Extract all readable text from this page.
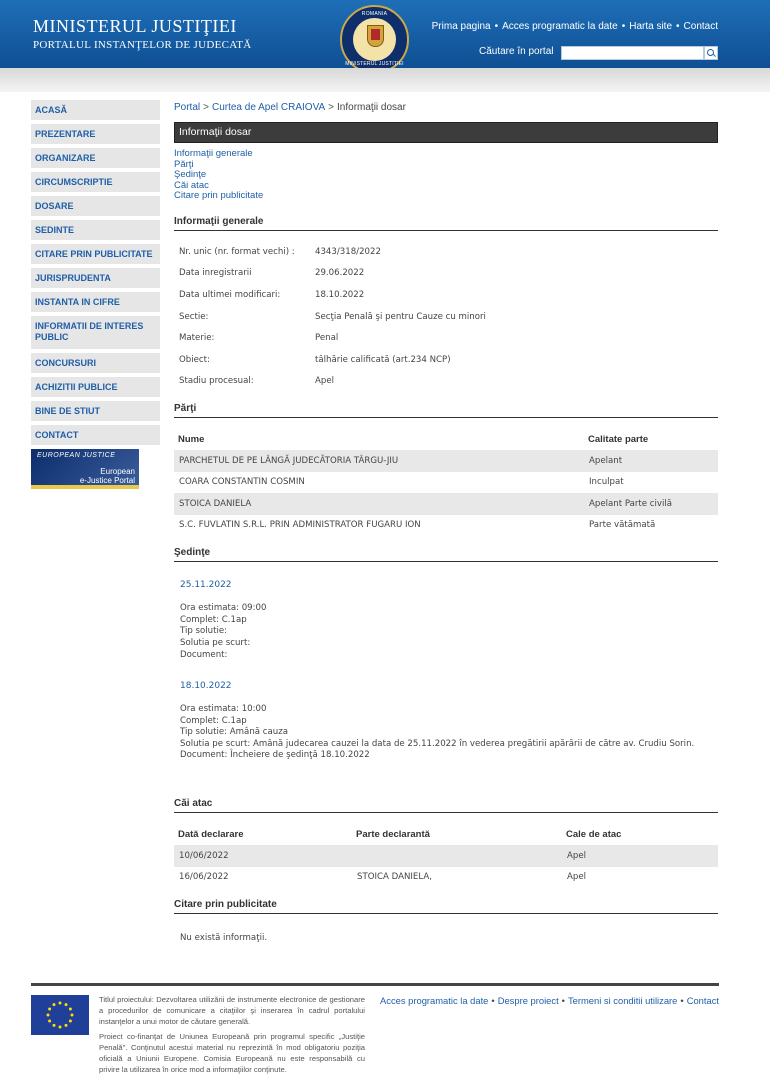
MINISTERUL JUSTIŢIEI
PORTALUL INSTANŢELOR DE JUDECATĂ
ROMANIA
MINISTERUL JUSTIŢIEI
Prima pagina • Acces programatic la date • Harta site • Contact
Căutare în portal
ACASĂ
PREZENTARE
ORGANIZARE
CIRCUMSCRIPTIE
DOSARE
SEDINTE
CITARE PRIN PUBLICITATE
JURISPRUDENTA
INSTANTA IN CIFRE
INFORMATII DE INTERES PUBLIC
CONCURSURI
ACHIZITII PUBLICE
BINE DE STIUT
CONTACT
EUROPEAN JUSTICE
European
e-Justice Portal
Portal > Curtea de Apel CRAIOVA > Informaţii dosar
Informaţii dosar
Informaţii generale
Părţi
Şedinţe
Căi atac
Citare prin publicitate
Informaţii generale
Nr. unic (nr. format vechi) :	4343/318/2022
Data inregistrarii	29.06.2022
Data ultimei modificari:	18.10.2022
Sectie:	Secţia Penală şi pentru Cauze cu minori
Materie:	Penal
Obiect:	tâlhărie calificată (art.234 NCP)
Stadiu procesual:	Apel
Părţi
Nume	Calitate parte
PARCHETUL DE PE LÂNGĂ JUDECĂTORIA TÂRGU-JIU	Apelant
COARA CONSTANTIN COSMIN	Inculpat
STOICA DANIELA	Apelant Parte civilă
S.C. FUVLATIN S.R.L. PRIN ADMINISTRATOR FUGARU ION	Parte vătămată
Şedinţe
25.11.2022
Ora estimata: 09:00
Complet: C.1ap
Tip solutie:
Solutia pe scurt:
Document:
18.10.2022
Ora estimata: 10:00
Complet: C.1ap
Tip solutie: Amână cauza
Solutia pe scurt: Amână judecarea cauzei la data de 25.11.2022 în vederea pregătirii apărării de către av. Crudiu Sorin.
Document: Încheiere de şedinţă 18.10.2022
Căi atac
Dată declarare	Parte declarantă	Cale de atac
10/06/2022		Apel
16/06/2022	STOICA DANIELA,	Apel
Citare prin publicitate
Nu există informaţii.

Titlul proiectului: Dezvoltarea utilizării de instrumente electronice de gestionare a procedurilor de comunicare a citaţiilor şi inserarea în cadrul portalului instanţelor a unui motor de căutare generală.

Proiect co-finanţat de Uniunea Europeană prin programul specific „Justiţie Penală". Conţinutul acestui material nu reprezintă în mod obligatoriu poziţia oficială a Uniunii Europene. Comisia Europeană nu este responsabilă cu privire la utilizarea în orice mod a informaţiilor conţinute.

Acces programatic la date • Despre proiect • Termeni si conditii utilizare • Contact
